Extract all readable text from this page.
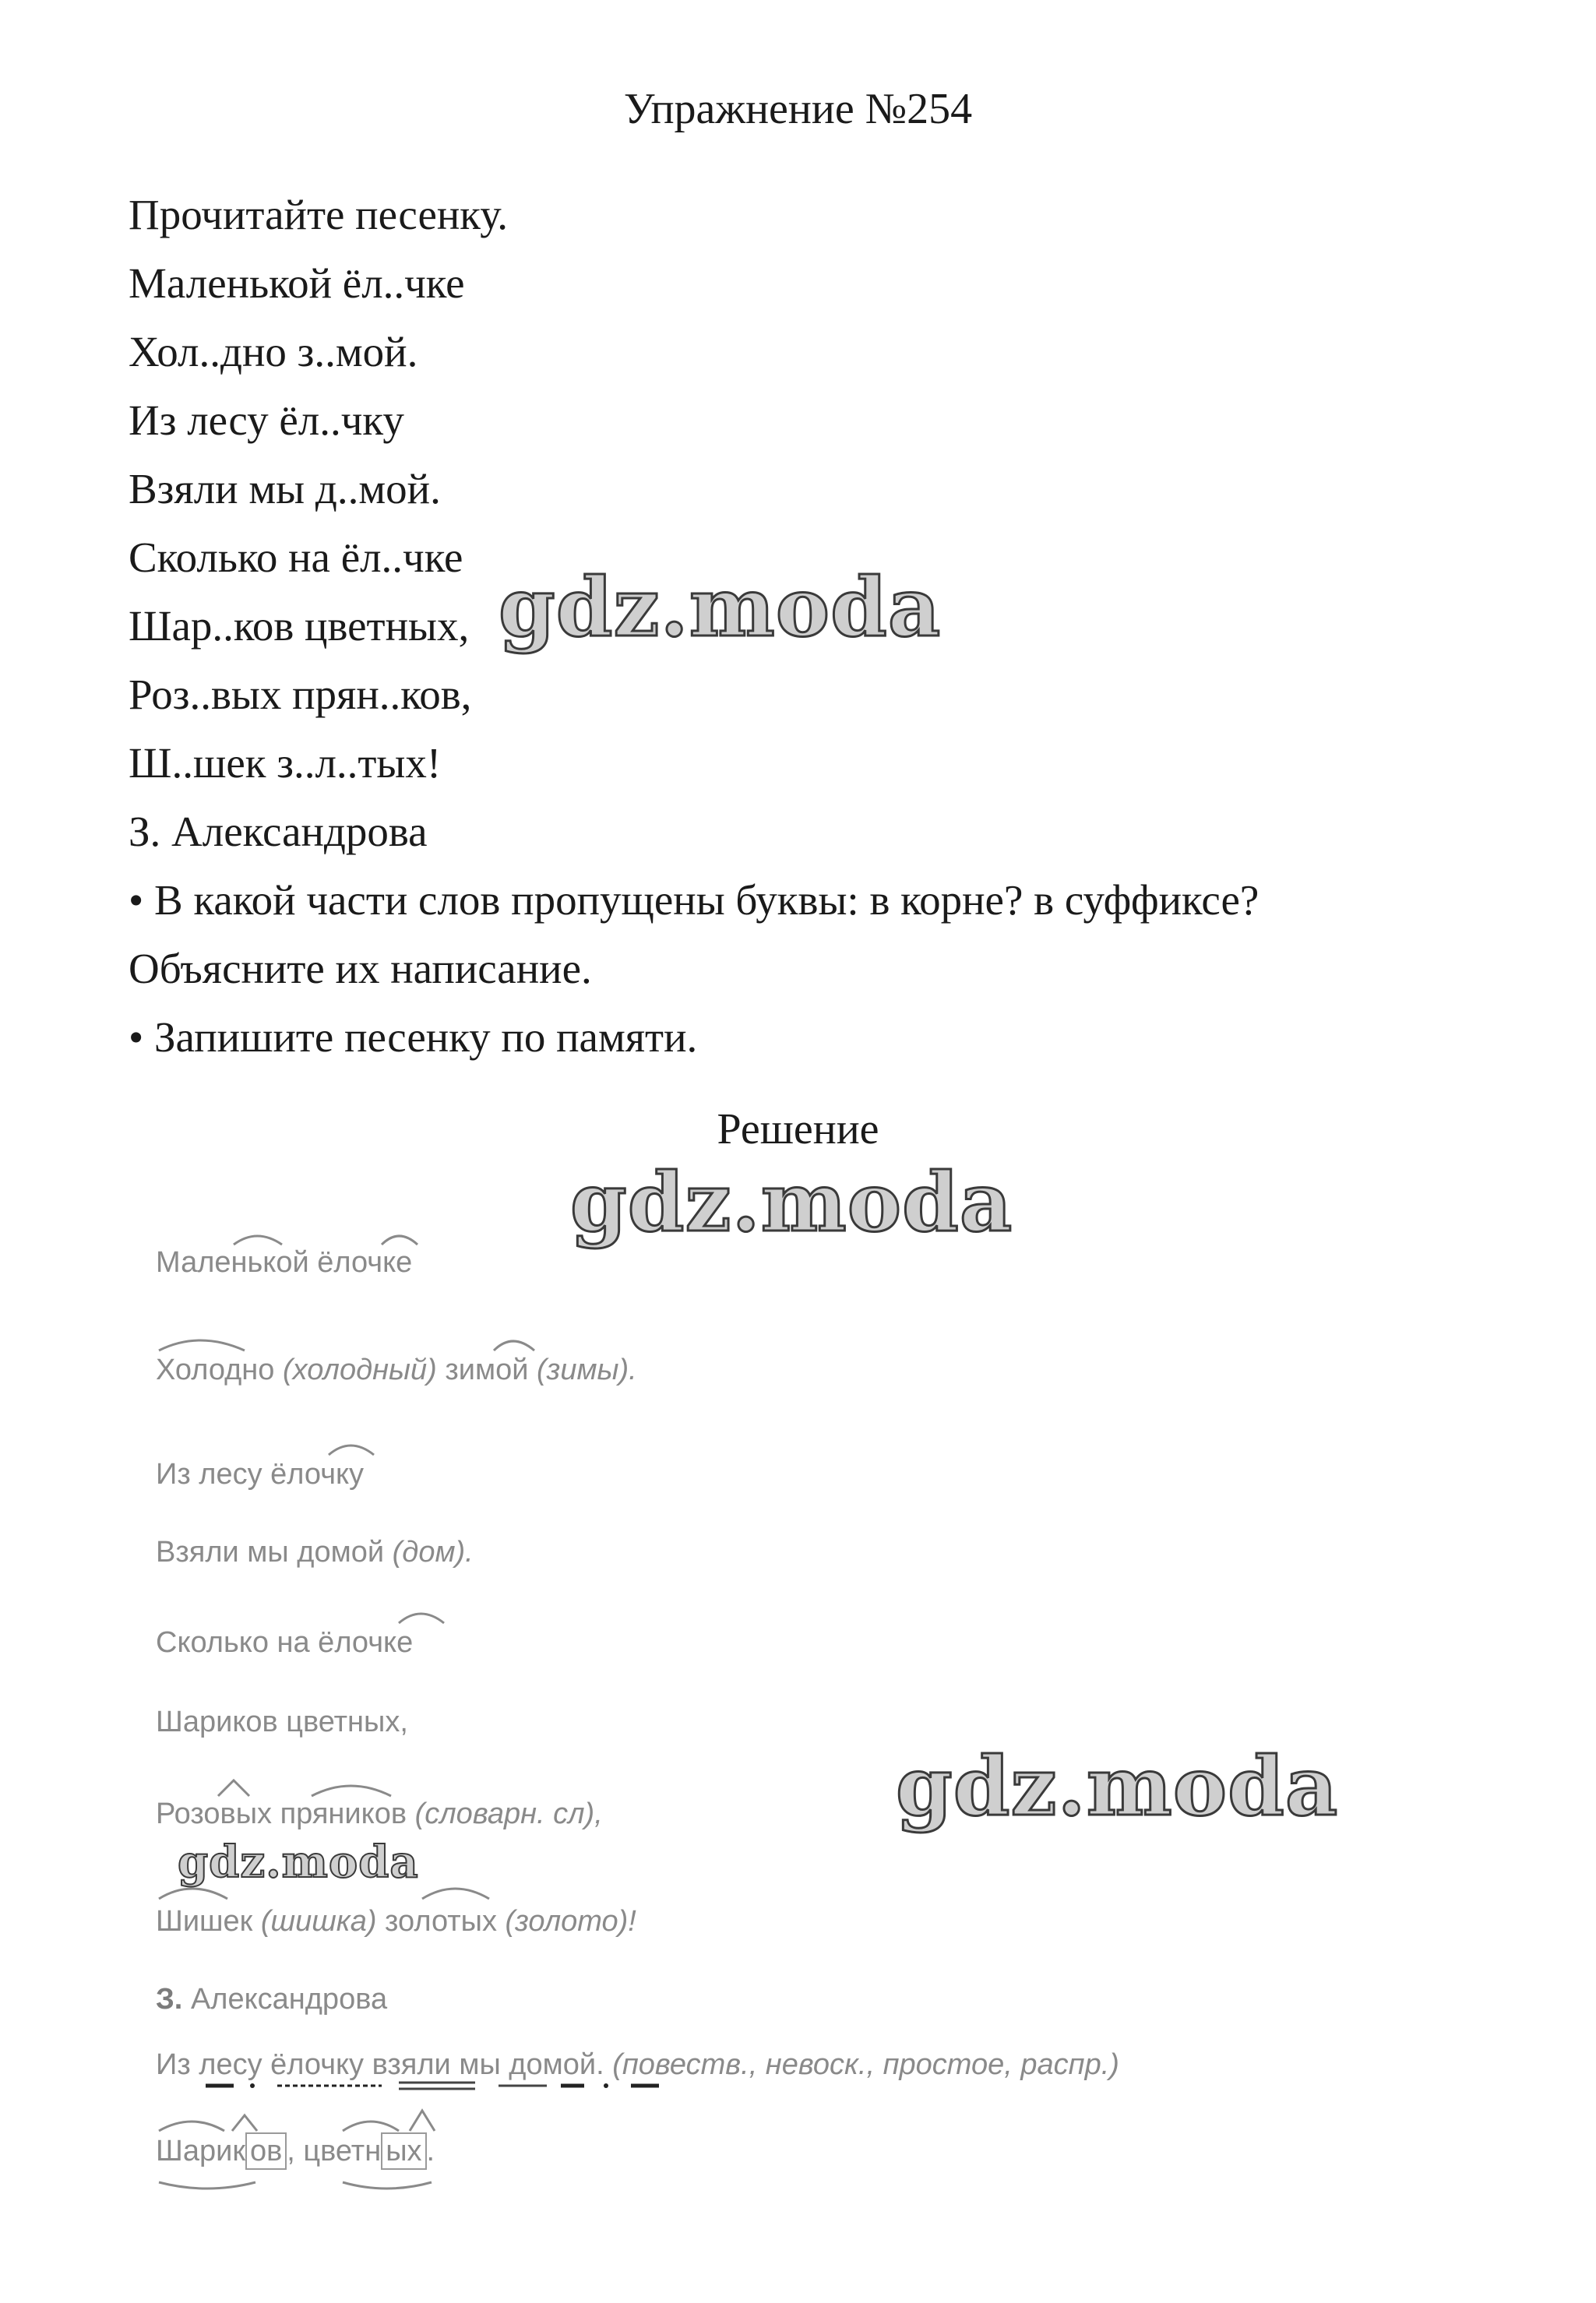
Упражнение №254
Прочитайте песенку.
Маленькой ёл..чке
Хол..дно з..мой.
Из лесу ёл..чку
Взяли мы д..мой.
Сколько на ёл..чке
Шар..ков цветных,
Роз..вых прян..ков,
Ш..шек з..л..тых!
З. Александрова
• В какой части слов пропущены буквы: в корне? в суффиксе?
Объясните их написание.
• Запишите песенку по памяти.
Решение
Маленькой ёлочке
Холодно (холодный) зимой (зимы).
Из лесу ёлочку
Взяли мы домой (дом).
Сколько на ёлочке
Шариков цветных,
Розовых пряников (словарн. сл),
Шишек (шишка) золотых (золото)!
З. Александрова
Из лесу ёлочку взяли мы домой. (повеств., невоск., простое, распр.)
Шарик ов , цветн ых .
gdz.moda
gdz.moda
gdz.moda
gdz.moda
